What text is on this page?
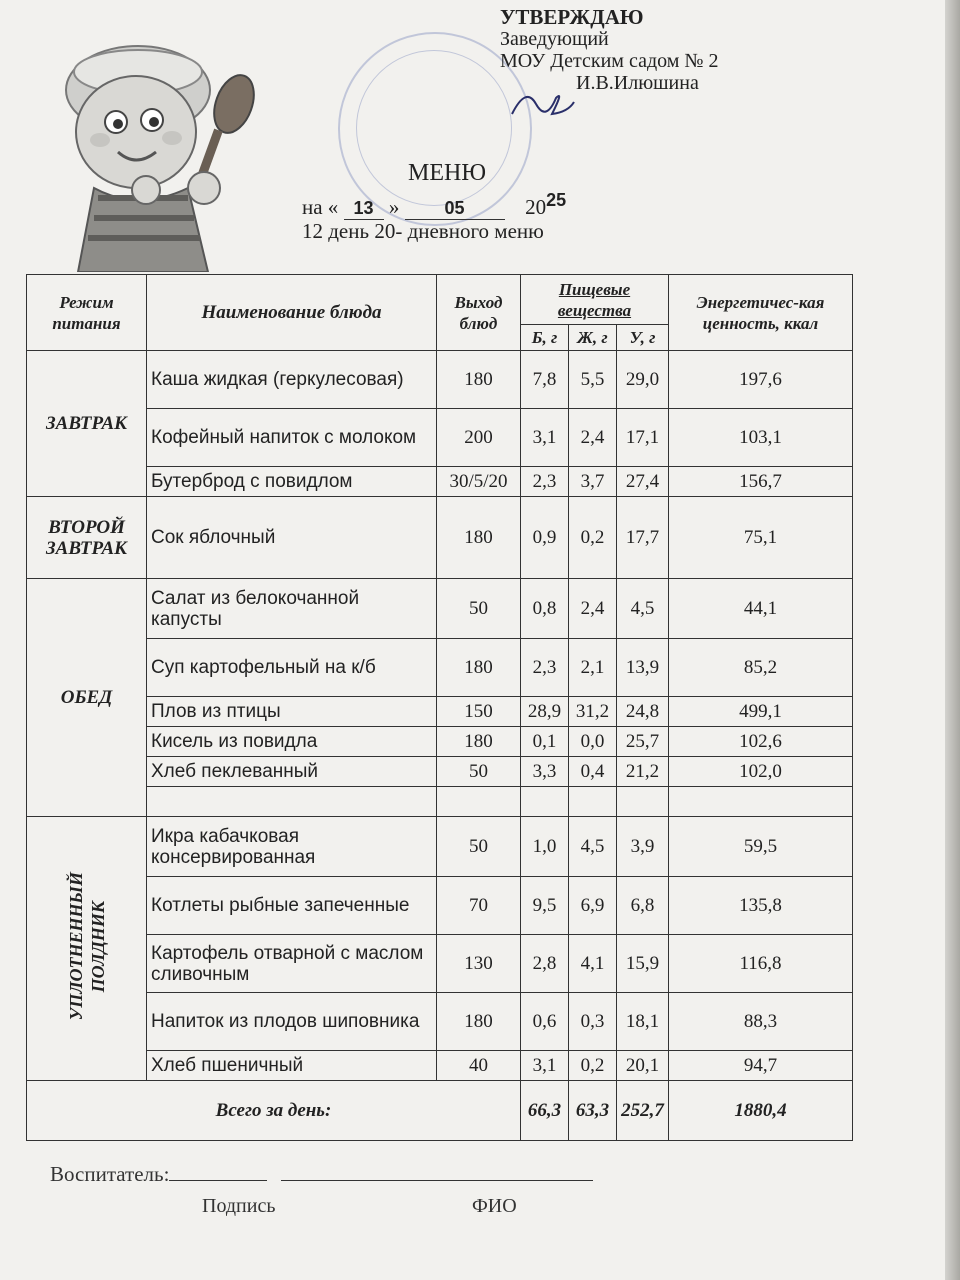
УТВЕРЖДАЮ
Заведующий
МОУ Детским садом № 2
И.В.Илюшина
МЕНЮ
на « 13 »	05	2025
12 день 20- дневного меню
Режим питания	Наименование блюда	Выход блюд	Пищевые вещества			Энергетичес-кая ценность, ккал
			Б, г	Ж, г	У, г	
ЗАВТРАК	Каша жидкая (геркулесовая)	180	7,8	5,5	29,0	197,6
	Кофейный напиток с молоком	200	3,1	2,4	17,1	103,1
	Бутерброд с повидлом	30/5/20	2,3	3,7	27,4	156,7

ВТОРОЙ
ЗАВТРАК	Сок яблочный	180	0,9	0,2	17,7	75,1
ОБЕД	Салат из белокочанной капусты	50	0,8	2,4	4,5	44,1
	Суп картофельный на к/б	180	2,3	2,1	13,9	85,2
	Плов из птицы	150	28,9	31,2	24,8	499,1
	Кисель из повидла	180	0,1	0,0	25,7	102,6
	Хлеб пеклеванный	50	3,3	0,4	21,2	102,0

УПЛОТНЕННЫЙ ПОЛДНИК	Икра кабачковая консервированная	50	1,0	4,5	3,9	59,5
	Котлеты рыбные запеченные	70	9,5	6,9	6,8	135,8
	Картофель отварной с маслом сливочным	130	2,8	4,1	15,9	116,8
	Напиток из плодов шиповника	180	0,6	0,3	18,1	88,3
	Хлеб пшеничный	40	3,1	0,2	20,1	94,7
Всего за день:			66,3	63,3	252,7	1880,4
Воспитатель:
Подпись	ФИО
